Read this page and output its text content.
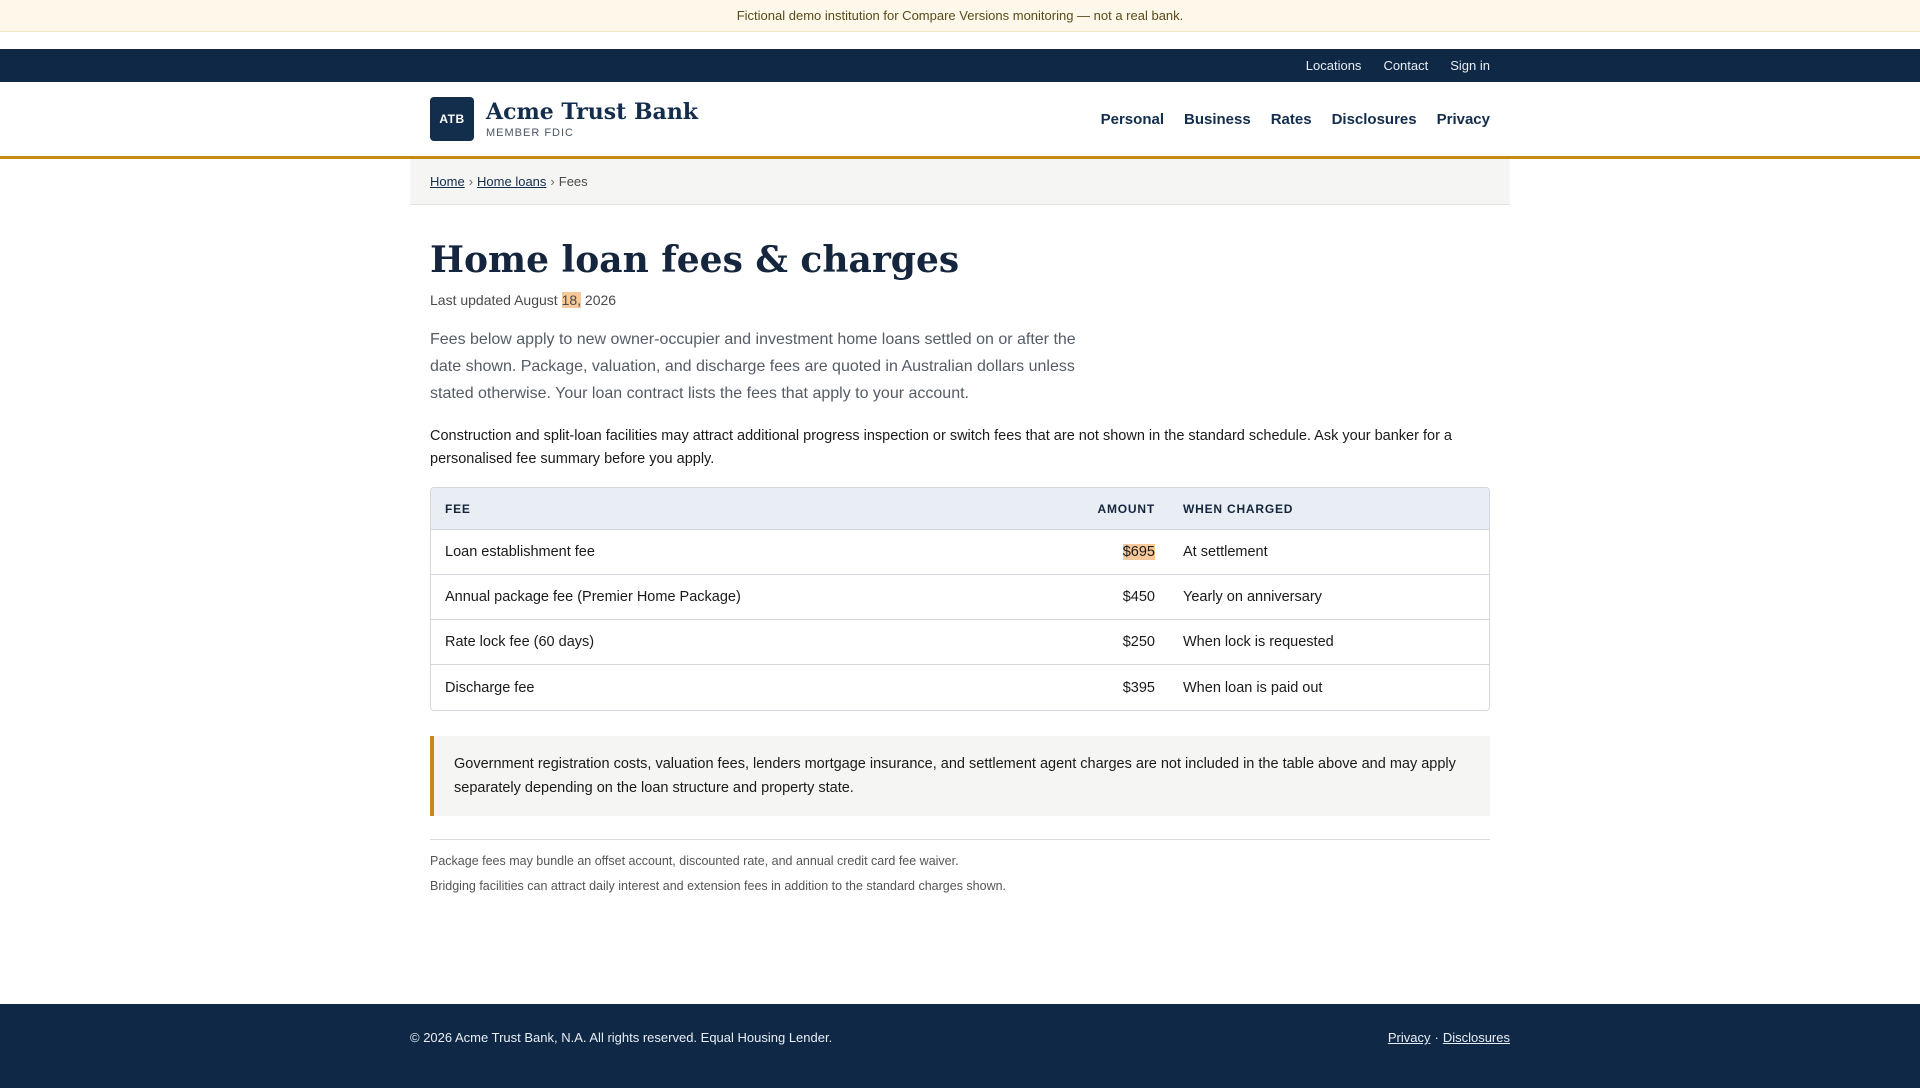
Fictional demo institution for Compare Versions monitoring — not a real bank.
Locations Contact Sign in
ATB Acme Trust Bank
MEMBER FDIC
Personal Business Rates Disclosures Privacy
Home › Home loans › Fees
Home loan fees & charges

Last updated August 18, 2026

Fees below apply to new owner-occupier and investment home loans settled on or after the date shown. Package, valuation, and discharge fees are quoted in Australian dollars unless stated otherwise. Your loan contract lists the fees that apply to your account.

Construction and split-loan facilities may attract additional progress inspection or switch fees that are not shown in the standard schedule. Ask your banker for a personalised fee summary before you apply.

FEE	AMOUNT	WHEN CHARGED
Loan establishment fee	$695	At settlement
Annual package fee (Premier Home Package)	$450	Yearly on anniversary
Rate lock fee (60 days)	$250	When lock is requested
Discharge fee	$395	When loan is paid out

Government registration costs, valuation fees, lenders mortgage insurance, and settlement agent charges are not included in the table above and may apply separately depending on the loan structure and property state.

Package fees may bundle an offset account, discounted rate, and annual credit card fee waiver.

Bridging facilities can attract daily interest and extension fees in addition to the standard charges shown.

© 2026 Acme Trust Bank, N.A. All rights reserved. Equal Housing Lender.	Privacy · Disclosures
